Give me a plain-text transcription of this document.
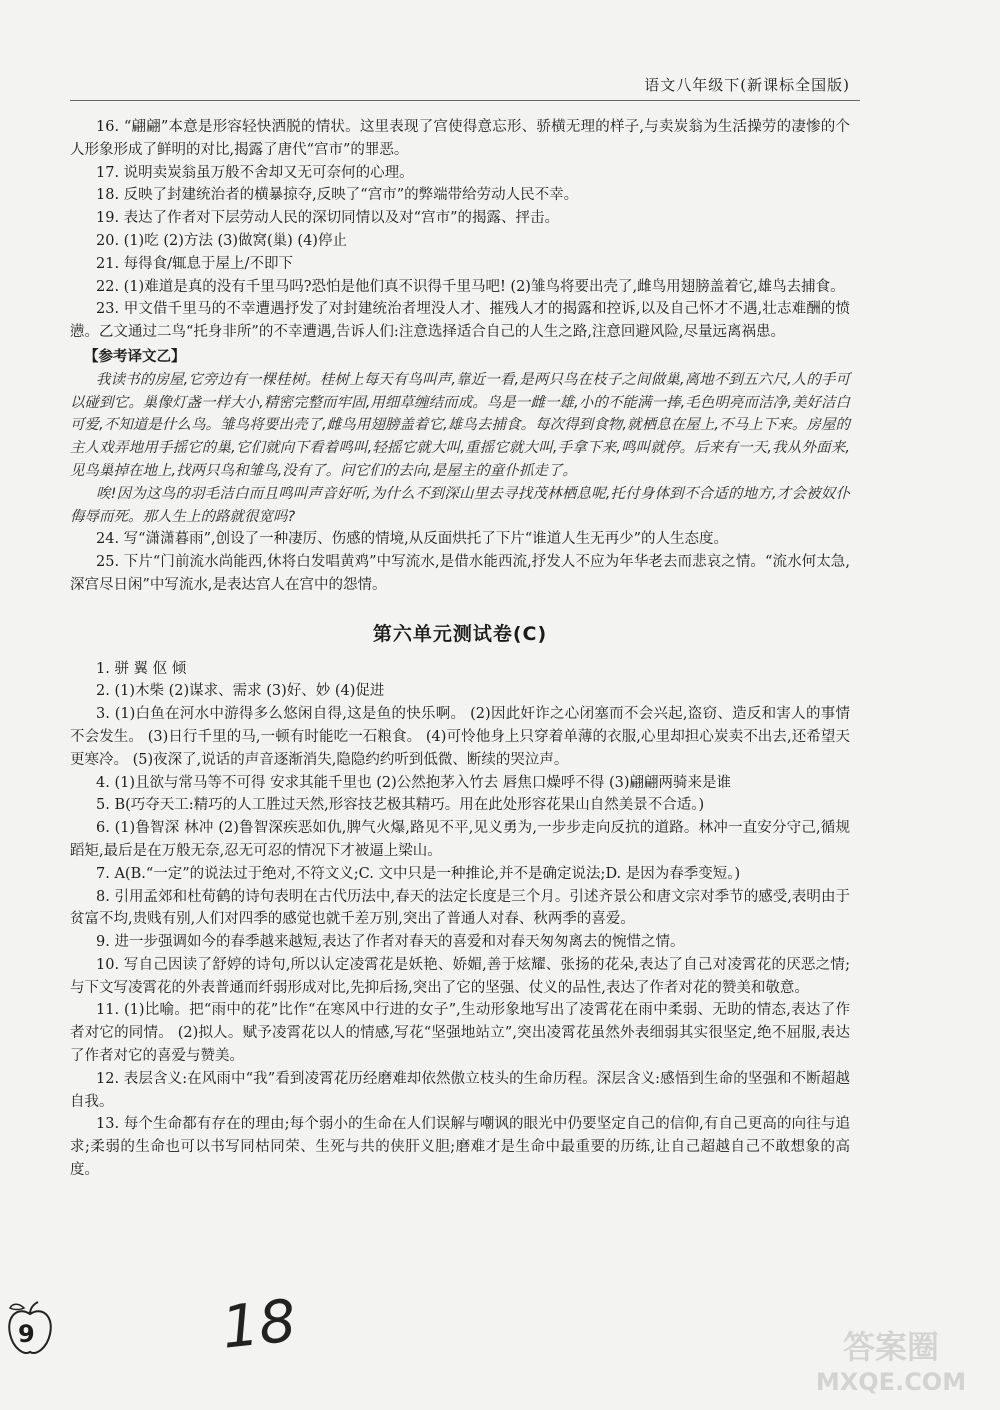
语文八年级下(新课标全国版)

16. “翩翩”本意是形容轻快洒脱的情状。这里表现了宫使得意忘形、骄横无理的样子,与卖炭翁为生活操劳的凄惨的个人形象形成了鲜明的对比,揭露了唐代“宫市”的罪恶。

17. 说明卖炭翁虽万般不舍却又无可奈何的心理。

18. 反映了封建统治者的横暴掠夺,反映了“宫市”的弊端带给劳动人民不幸。

19. 表达了作者对下层劳动人民的深切同情以及对“宫市”的揭露、抨击。

20. (1)吃 (2)方法 (3)做窝(巢) (4)停止

21. 每得食/辄息于屋上/不即下

22. (1)难道是真的没有千里马吗?恐怕是他们真不识得千里马吧! (2)雏鸟将要出壳了,雌鸟用翅膀盖着它,雄鸟去捕食。

23. 甲文借千里马的不幸遭遇抒发了对封建统治者埋没人才、摧残人才的揭露和控诉,以及自己怀才不遇,壮志难酬的愤懑。乙文通过二鸟“托身非所”的不幸遭遇,告诉人们:注意选择适合自己的人生之路,注意回避风险,尽量远离祸患。

【参考译文乙】

我读书的房屋,它旁边有一棵桂树。桂树上每天有鸟叫声,靠近一看,是两只鸟在枝子之间做巢,离地不到五六尺,人的手可以碰到它。巢像灯盏一样大小,精密完整而牢固,用细草缠结而成。鸟是一雌一雄,小的不能满一捧,毛色明亮而洁净,美好洁白可爱,不知道是什么鸟。雏鸟将要出壳了,雌鸟用翅膀盖着它,雄鸟去捕食。每次得到食物,就栖息在屋上,不马上下来。房屋的主人戏弄地用手摇它的巢,它们就向下看着鸣叫,轻摇它就大叫,重摇它就大叫,手拿下来,鸣叫就停。后来有一天,我从外面来,见鸟巢掉在地上,找两只鸟和雏鸟,没有了。问它们的去向,是屋主的童仆抓走了。

唉!因为这鸟的羽毛洁白而且鸣叫声音好听,为什么不到深山里去寻找茂林栖息呢,托付身体到不合适的地方,才会被奴仆侮辱而死。那人生上的路就很宽吗?

24. 写“潇潇暮雨”,创设了一种凄厉、伤感的情境,从反面烘托了下片“谁道人生无再少”的人生态度。

25. 下片“门前流水尚能西,休将白发唱黄鸡”中写流水,是借水能西流,抒发人不应为年华老去而悲哀之情。“流水何太急,深宫尽日闲”中写流水,是表达宫人在宫中的怨情。

第六单元测试卷(C)

1. 骈 翼 伛 倾

2. (1)木柴 (2)谋求、需求 (3)好、妙 (4)促进

3. (1)白鱼在河水中游得多么悠闲自得,这是鱼的快乐啊。 (2)因此奸诈之心闭塞而不会兴起,盗窃、造反和害人的事情不会发生。 (3)日行千里的马,一顿有时能吃一石粮食。 (4)可怜他身上只穿着单薄的衣服,心里却担心炭卖不出去,还希望天更寒冷。 (5)夜深了,说话的声音逐渐消失,隐隐约约听到低微、断续的哭泣声。

4. (1)且欲与常马等不可得 安求其能千里也 (2)公然抱茅入竹去 唇焦口燥呼不得 (3)翩翩两骑来是谁

5. B(巧夺天工:精巧的人工胜过天然,形容技艺极其精巧。用在此处形容花果山自然美景不合适。)

6. (1)鲁智深 林冲 (2)鲁智深疾恶如仇,脾气火爆,路见不平,见义勇为,一步步走向反抗的道路。林冲一直安分守己,循规蹈矩,最后是在万般无奈,忍无可忍的情况下才被逼上梁山。

7. A(B.“一定”的说法过于绝对,不符文义;C. 文中只是一种推论,并不是确定说法;D. 是因为春季变短。)

8. 引用孟郊和杜荀鹤的诗句表明在古代历法中,春天的法定长度是三个月。引述齐景公和唐文宗对季节的感受,表明由于贫富不均,贵贱有别,人们对四季的感觉也就千差万别,突出了普通人对春、秋两季的喜爱。

9. 进一步强调如今的春季越来越短,表达了作者对春天的喜爱和对春天匆匆离去的惋惜之情。

10. 写自己因读了舒婷的诗句,所以认定凌霄花是妖艳、娇媚,善于炫耀、张扬的花朵,表达了自己对凌霄花的厌恶之情;与下文写凌霄花的外表普通而纤弱形成对比,先抑后扬,突出了它的坚强、仗义的品性,表达了作者对花的赞美和敬意。

11. (1)比喻。把“雨中的花”比作“在寒风中行进的女子”,生动形象地写出了凌霄花在雨中柔弱、无助的情态,表达了作者对它的同情。 (2)拟人。赋予凌霄花以人的情感,写花“坚强地站立”,突出凌霄花虽然外表细弱其实很坚定,绝不屈服,表达了作者对它的喜爱与赞美。

12. 表层含义:在风雨中“我”看到凌霄花历经磨难却依然傲立枝头的生命历程。深层含义:感悟到生命的坚强和不断超越自我。

13. 每个生命都有存在的理由;每个弱小的生命在人们误解与嘲讽的眼光中仍要坚定自己的信仰,有自己更高的向往与追求;柔弱的生命也可以书写同枯同荣、生死与共的侠肝义胆;磨难才是生命中最重要的历练,让自己超越自己不敢想象的高度。

9	18	答案圈
MXQE.COM
